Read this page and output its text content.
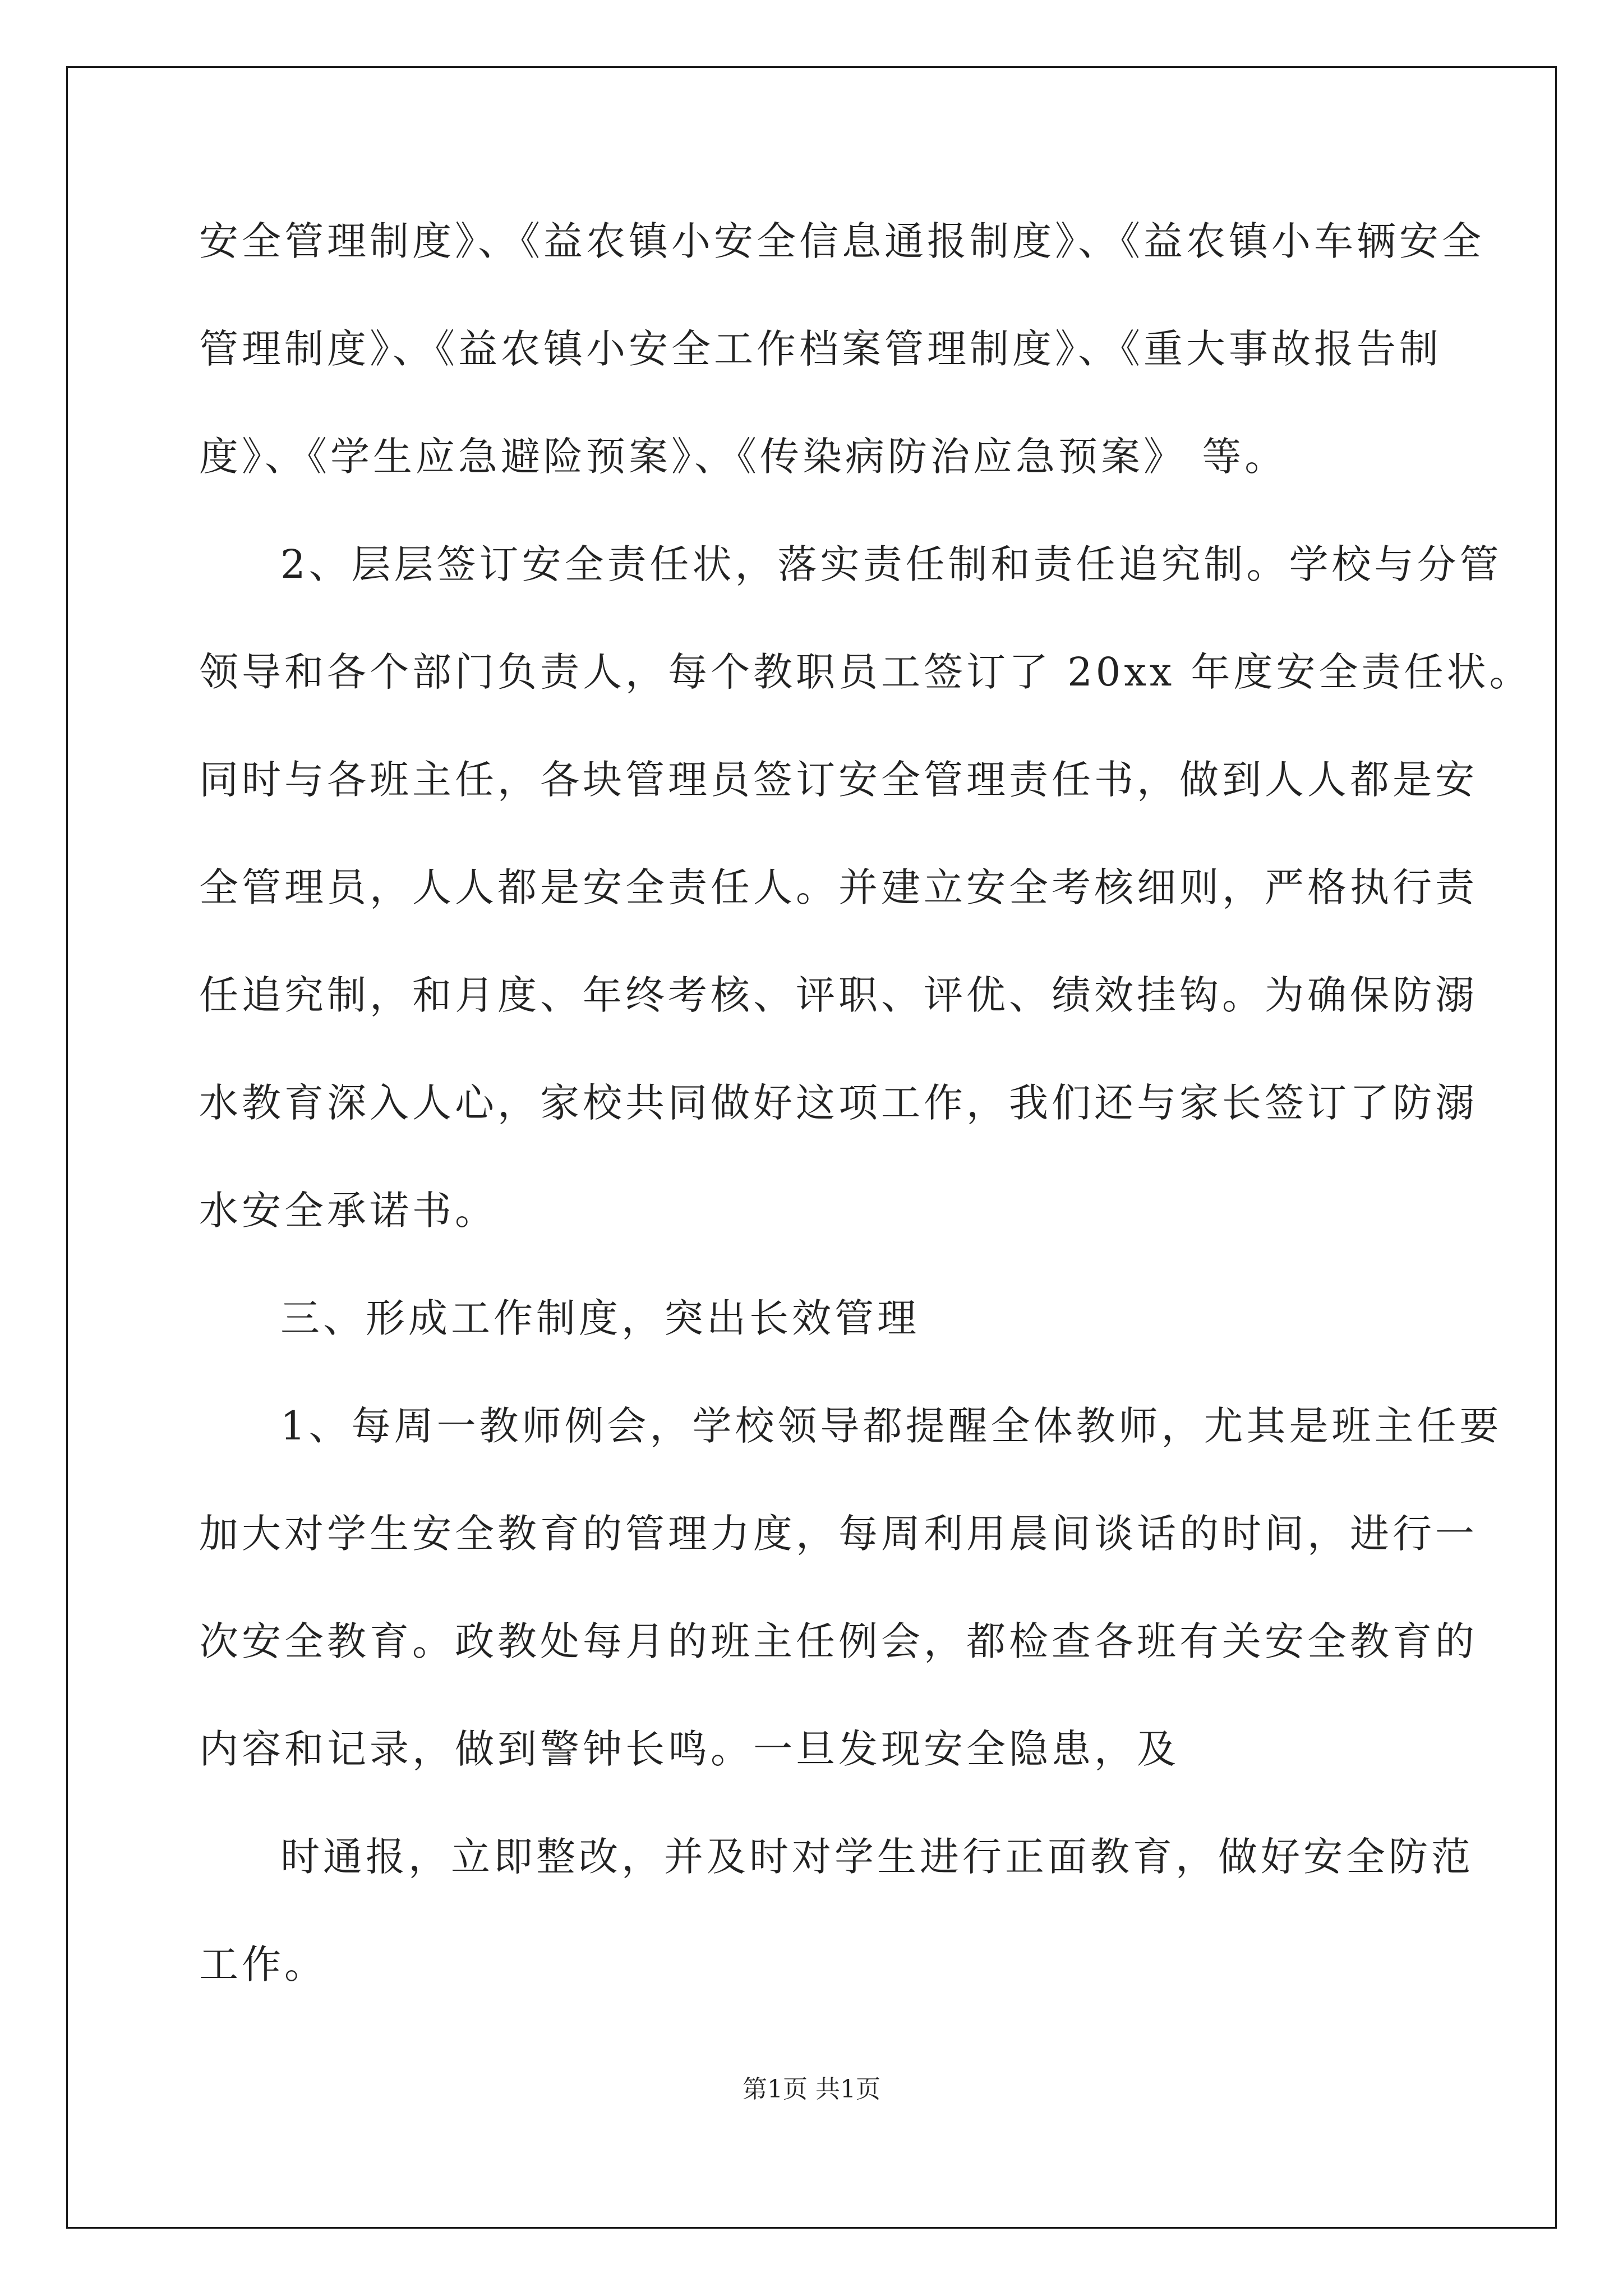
安全管理制度》、《益农镇小安全信息通报制度》、《益农镇小车辆安全
管理制度》、《益农镇小安全工作档案管理制度》、《重大事故报告制
度》、《学生应急避险预案》、《传染病防治应急预案》 等。
2、层层签订安全责任状，落实责任制和责任追究制。学校与分管
领导和各个部门负责人，每个教职员工签订了 20xx 年度安全责任状。
同时与各班主任，各块管理员签订安全管理责任书，做到人人都是安
全管理员，人人都是安全责任人。并建立安全考核细则，严格执行责
任追究制，和月度、年终考核、评职、评优、绩效挂钩。为确保防溺
水教育深入人心，家校共同做好这项工作，我们还与家长签订了防溺
水安全承诺书。
三、形成工作制度，突出长效管理
1、每周一教师例会，学校领导都提醒全体教师，尤其是班主任要
加大对学生安全教育的管理力度，每周利用晨间谈话的时间，进行一
次安全教育。政教处每月的班主任例会，都检查各班有关安全教育的
内容和记录，做到警钟长鸣。一旦发现安全隐患，及
时通报，立即整改，并及时对学生进行正面教育，做好安全防范
工作。
第1页 共1页
